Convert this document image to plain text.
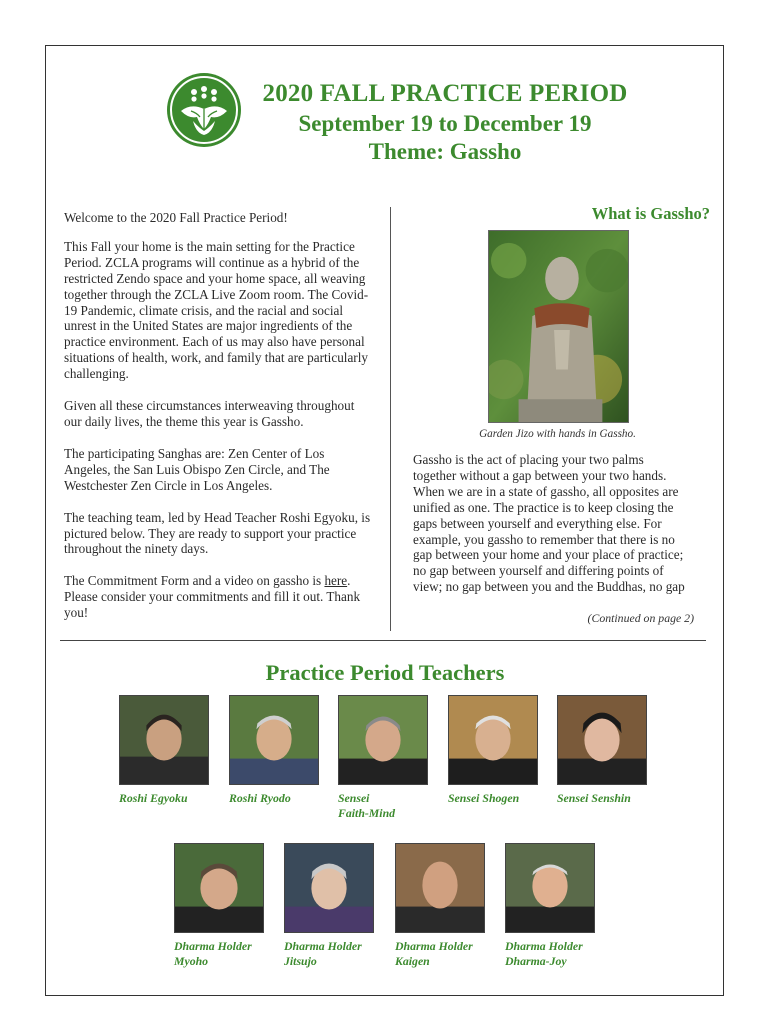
2020 FALL PRACTICE PERIOD
September 19 to December 19
Theme: Gassho

Welcome to the 2020 Fall Practice Period!

This Fall your home is the main setting for the Practice Period. ZCLA programs will continue as a hybrid of the restricted Zendo space and your home space, all weaving together through the ZCLA Live Zoom room. The Covid-19 Pandemic, climate crisis, and the racial and social unrest in the United States are major ingredients of the practice environment. Each of us may also have personal situations of health, work, and family that are particularly challenging.

Given all these circumstances interweaving throughout our daily lives, the theme this year is Gassho.

The participating Sanghas are: Zen Center of Los Angeles, the San Luis Obispo Zen Circle, and The Westchester Zen Circle in Los Angeles.

The teaching team, led by Head Teacher Roshi Egyoku, is pictured below. They are ready to support your practice throughout the ninety days.

The Commitment Form and a video on gassho is here. Please consider your commitments and fill it out. Thank you!

What is Gassho?
Garden Jizo with hands in Gassho.

Gassho is the act of placing your two palms together without a gap between your two hands. When we are in a state of gassho, all opposites are unified as one. The practice is to keep closing the gaps between yourself and everything else. For example, you gassho to remember that there is no gap between your home and your place of practice; no gap between yourself and differing points of view; no gap between you and the Buddhas, no gap

(Continued on page 2)
Practice Period Teachers
Roshi Egyoku	Roshi Ryodo	Sensei
Faith-Mind
Sensei Shogen	Sensei Senshin
Dharma Holder
Myoho
Dharma Holder
Jitsujo
Dharma Holder
Kaigen
Dharma Holder
Dharma-Joy
